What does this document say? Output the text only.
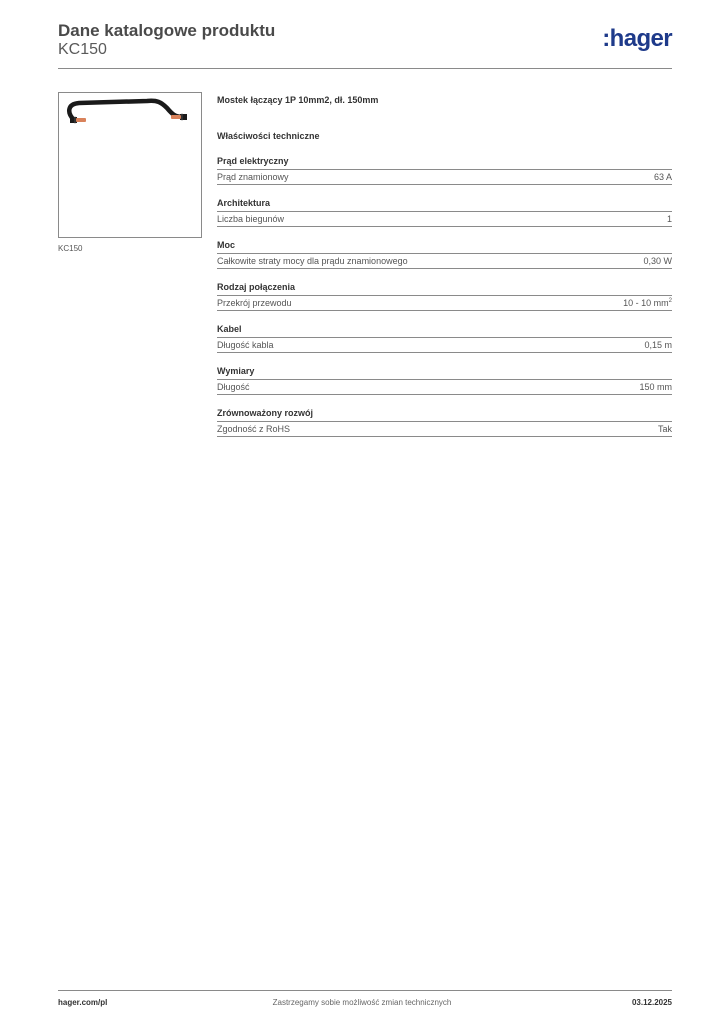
Dane katalogowe produktu
KC150	:hager
KC150
Mostek łączący 1P 10mm2, dł. 150mm
Właściwości techniczne
Prąd elektryczny
Prąd znamionowy	63 A
Architektura
Liczba biegunów	1
Moc
Całkowite straty mocy dla prądu znamionowego	0,30 W
Rodzaj połączenia
Przekrój przewodu	10 - 10 $mm^2$
Kabel
Długość kabla	0,15 m
Wymiary
Długość	150 mm
Zrównoważony rozwój
Zgodność z RoHS	Tak
hager.com/pl	Zastrzegamy sobie możliwość zmian technicznych	03.12.2025
